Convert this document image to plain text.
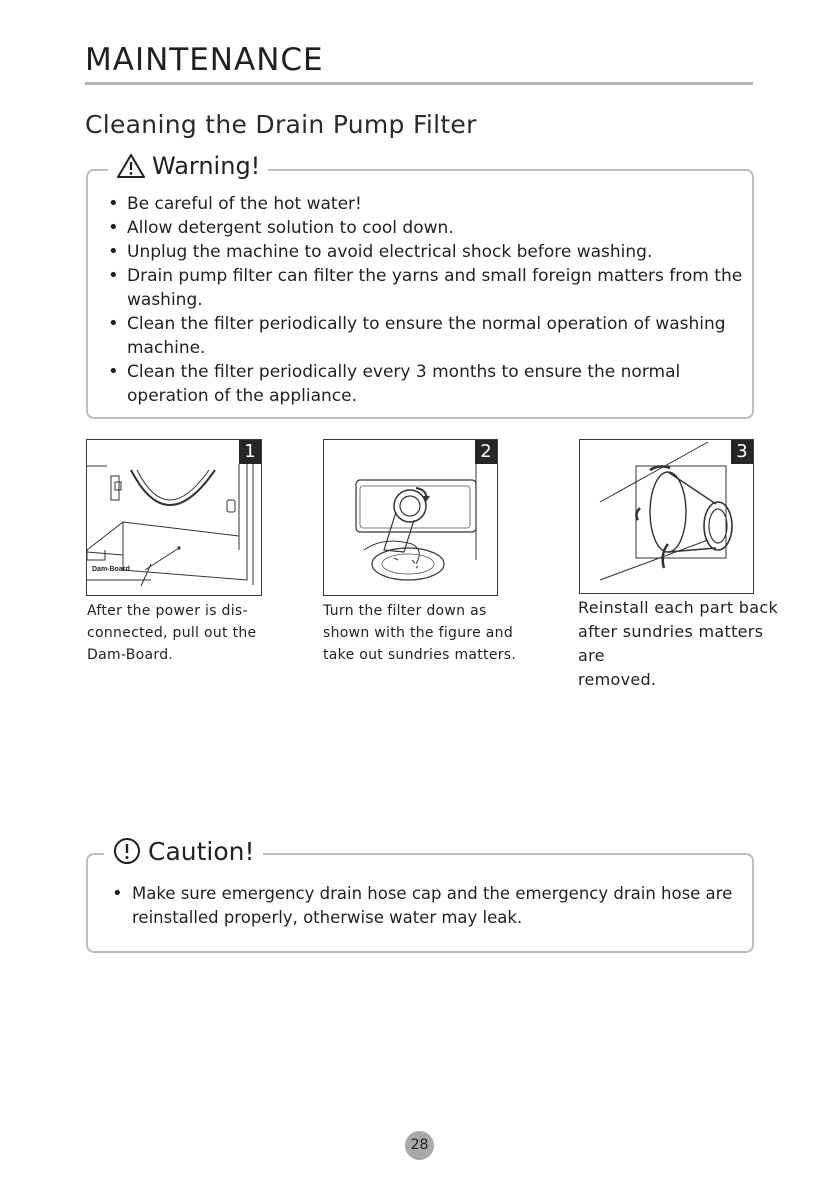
MAINTENANCE
Cleaning the Drain Pump Filter
Warning!
• Be careful of the hot water!
• Allow detergent solution to cool down.
• Unplug the machine to avoid electrical shock before washing.
• Drain pump filter can filter the yarns and small foreign matters from the washing.
• Clean the filter periodically to ensure the normal operation of washing machine.
• Clean the filter periodically every 3 months to ensure the normal operation of the appliance.
Dam-Board
1
After the power is dis-
connected, pull out the
Dam-Board.
2
Turn the filter down as
shown with the figure and
take out sundries matters.
3
Reinstall each part back
after sundries matters are
removed.
Caution!
• Make sure emergency drain hose cap and the emergency drain hose are reinstalled properly, otherwise water may leak.
28
